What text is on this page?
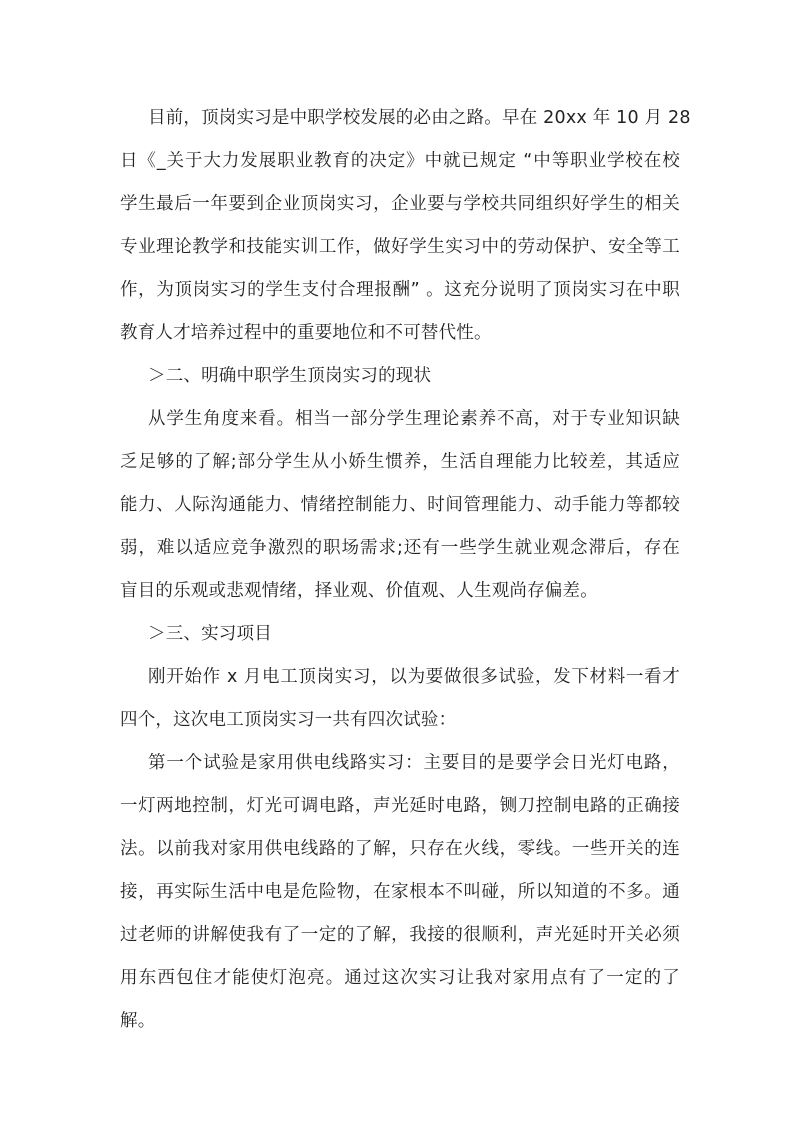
目前，顶岗实习是中职学校发展的必由之路。早在 20xx 年 10 月 28
日《_关于大力发展职业教育的决定》中就已规定 “中等职业学校在校
学生最后一年要到企业顶岗实习，企业要与学校共同组织好学生的相关
专业理论教学和技能实训工作，做好学生实习中的劳动保护、安全等工
作，为顶岗实习的学生支付合理报酬” 。这充分说明了顶岗实习在中职
教育人才培养过程中的重要地位和不可替代性。
＞二、明确中职学生顶岗实习的现状
从学生角度来看。相当一部分学生理论素养不高，对于专业知识缺
乏足够的了解;部分学生从小娇生惯养，生活自理能力比较差，其适应
能力、人际沟通能力、情绪控制能力、时间管理能力、动手能力等都较
弱，难以适应竞争激烈的职场需求;还有一些学生就业观念滞后，存在
盲目的乐观或悲观情绪，择业观、价值观、人生观尚存偏差。
＞三、实习项目
刚开始作 x 月电工顶岗实习，以为要做很多试验，发下材料一看才
四个，这次电工顶岗实习一共有四次试验：
第一个试验是家用供电线路实习：主要目的是要学会日光灯电路，
一灯两地控制，灯光可调电路，声光延时电路，铡刀控制电路的正确接
法。以前我对家用供电线路的了解，只存在火线，零线。一些开关的连
接，再实际生活中电是危险物，在家根本不叫碰，所以知道的不多。通
过老师的讲解使我有了一定的了解，我接的很顺利，声光延时开关必须
用东西包住才能使灯泡亮。通过这次实习让我对家用点有了一定的了
解。
